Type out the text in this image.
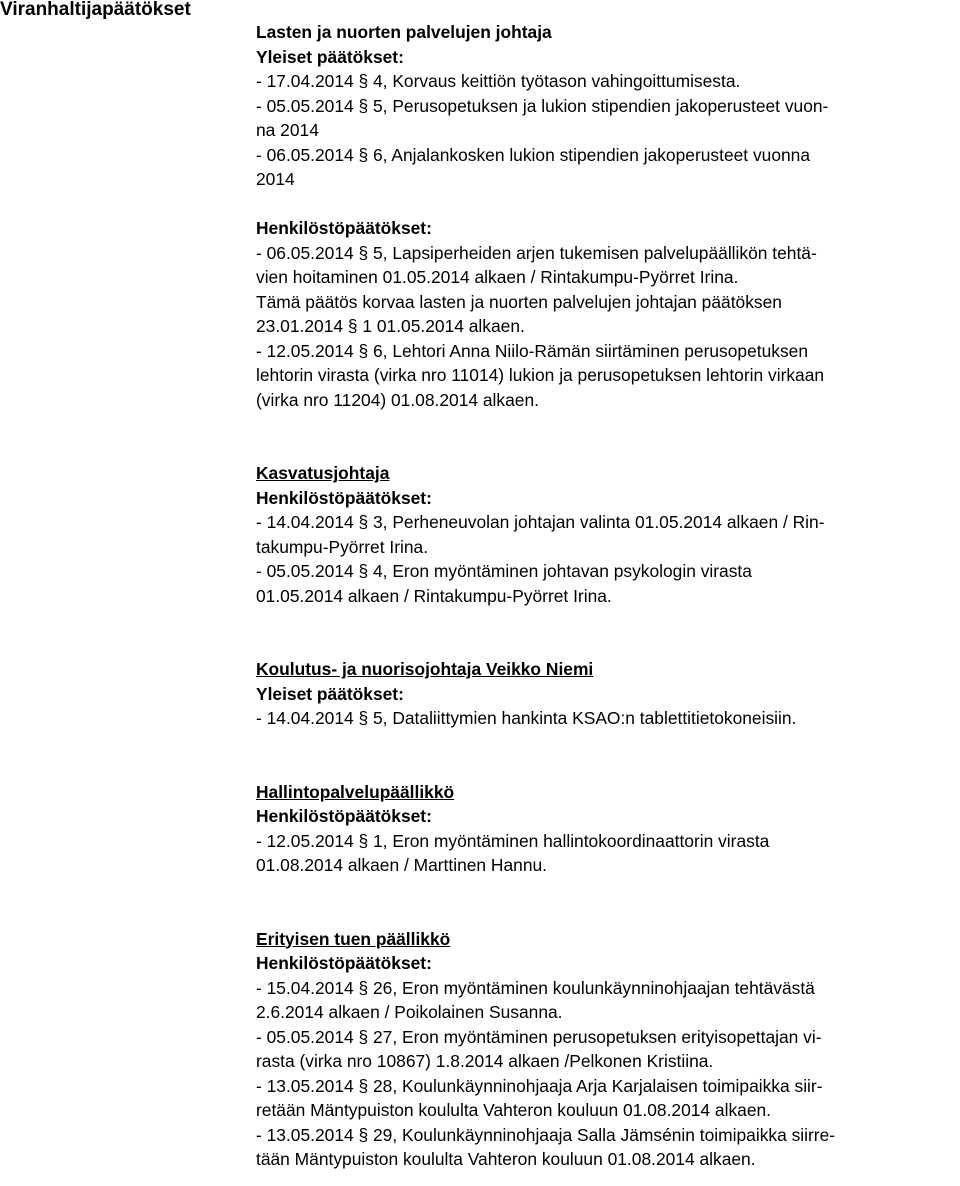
Viranhaltijapäätökset
Lasten ja nuorten palvelujen johtaja
Yleiset päätökset:
- 17.04.2014 § 4, Korvaus keittiön työtason vahingoittumisesta.
- 05.05.2014 § 5, Perusopetuksen ja lukion stipendien jakoperusteet vuon-
na 2014
- 06.05.2014 § 6, Anjalankosken lukion stipendien jakoperusteet vuonna
2014
Henkilöstöpäätökset:
- 06.05.2014 § 5, Lapsiperheiden arjen tukemisen palvelupäällikön tehtä-
vien hoitaminen 01.05.2014 alkaen / Rintakumpu-Pyörret Irina.
Tämä päätös korvaa lasten ja nuorten palvelujen johtajan päätöksen
23.01.2014 § 1 01.05.2014 alkaen.
- 12.05.2014 § 6, Lehtori Anna Niilo-Rämän siirtäminen perusopetuksen
lehtorin virasta (virka nro 11014) lukion ja perusopetuksen lehtorin virkaan
(virka nro 11204) 01.08.2014 alkaen.
Kasvatusjohtaja
Henkilöstöpäätökset:
- 14.04.2014 § 3, Perheneuvolan johtajan valinta 01.05.2014 alkaen / Rin-
takumpu-Pyörret Irina.
- 05.05.2014 § 4, Eron myöntäminen johtavan psykologin virasta
01.05.2014 alkaen / Rintakumpu-Pyörret Irina.
Koulutus- ja nuorisojohtaja Veikko Niemi
Yleiset päätökset:
- 14.04.2014 § 5, Dataliittymien hankinta KSAO:n tablettitietokoneisiin.
Hallintopalvelupäällikkö
Henkilöstöpäätökset:
- 12.05.2014 § 1, Eron myöntäminen hallintokoordinaattorin virasta
01.08.2014 alkaen / Marttinen Hannu.
Erityisen tuen päällikkö
Henkilöstöpäätökset:
- 15.04.2014 § 26, Eron myöntäminen koulunkäynninohjaajan tehtävästä
2.6.2014 alkaen / Poikolainen Susanna.
- 05.05.2014 § 27, Eron myöntäminen perusopetuksen erityisopettajan vi-
rasta (virka nro 10867) 1.8.2014 alkaen /Pelkonen Kristiina.
- 13.05.2014 § 28, Koulunkäynninohjaaja Arja Karjalaisen toimipaikka siir-
retään Mäntypuiston koululta Vahteron kouluun 01.08.2014 alkaen.
- 13.05.2014 § 29, Koulunkäynninohjaaja Salla Jämsénin toimipaikka siirre-
tään Mäntypuiston koululta Vahteron kouluun 01.08.2014 alkaen.
